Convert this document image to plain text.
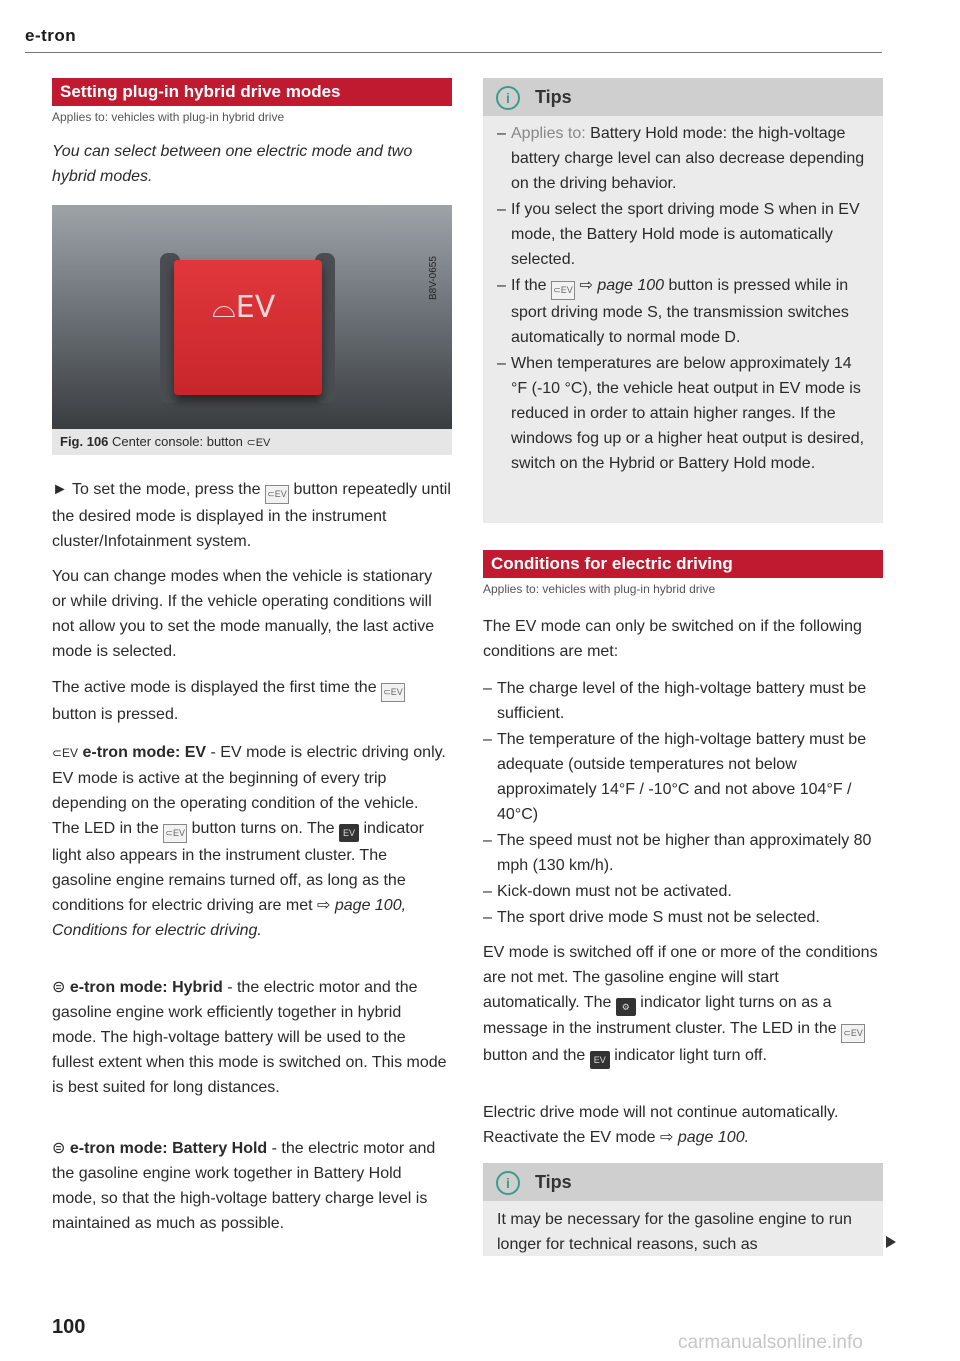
e-tron
Setting plug-in hybrid drive modes
Applies to: vehicles with plug-in hybrid drive
You can select between one electric mode and two hybrid modes.
⌓EV
B8V-0655
Fig. 106 Center console: button ⊂EV
► To set the mode, press the ⊂EV button repeatedly until the desired mode is displayed in the instrument cluster/Infotainment system.
You can change modes when the vehicle is stationary or while driving. If the vehicle operating conditions will not allow you to set the mode manually, the last active mode is selected.
The active mode is displayed the first time the ⊂EV button is pressed.
⊂EV e-tron mode: EV - EV mode is electric driving only. EV mode is active at the beginning of every trip depending on the operating condition of the vehicle. The LED in the ⊂EV button turns on. The EV indicator light also appears in the instrument cluster. The gasoline engine remains turned off, as long as the conditions for electric driving are met ⇨ page 100, Conditions for electric driving.
⊜ e-tron mode: Hybrid - the electric motor and the gasoline engine work efficiently together in hybrid mode. The high-voltage battery will be used to the fullest extent when this mode is switched on. This mode is best suited for long distances.
⊜ e-tron mode: Battery Hold - the electric motor and the gasoline engine work together in Battery Hold mode, so that the high-voltage battery charge level is maintained as much as possible.
i	Tips
– Applies to: Battery Hold mode: the high-voltage battery charge level can also decrease depending on the driving behavior.
– If you select the sport driving mode S when in EV mode, the Battery Hold mode is automatically selected.
– If the ⊂EV ⇨ page 100 button is pressed while in sport driving mode S, the transmission switches automatically to normal mode D.
– When temperatures are below approximately 14 °F (-10 °C), the vehicle heat output in EV mode is reduced in order to attain higher ranges. If the windows fog up or a higher heat output is desired, switch on the Hybrid or Battery Hold mode.
Conditions for electric driving
Applies to: vehicles with plug-in hybrid drive
The EV mode can only be switched on if the following conditions are met:
– The charge level of the high-voltage battery must be sufficient.
– The temperature of the high-voltage battery must be adequate (outside temperatures not below approximately 14°F / -10°C and not above 104°F / 40°C)
– The speed must not be higher than approximately 80 mph (130 km/h).
– Kick-down must not be activated.
– The sport drive mode S must not be selected.
EV mode is switched off if one or more of the conditions are not met. The gasoline engine will start automatically. The ⚙ indicator light turns on as a message in the instrument cluster. The LED in the ⊂EV button and the EV indicator light turn off.
Electric drive mode will not continue automatically. Reactivate the EV mode ⇨ page 100.
i	Tips
It may be necessary for the gasoline engine to run longer for technical reasons, such as
100
carmanualsonline.info
